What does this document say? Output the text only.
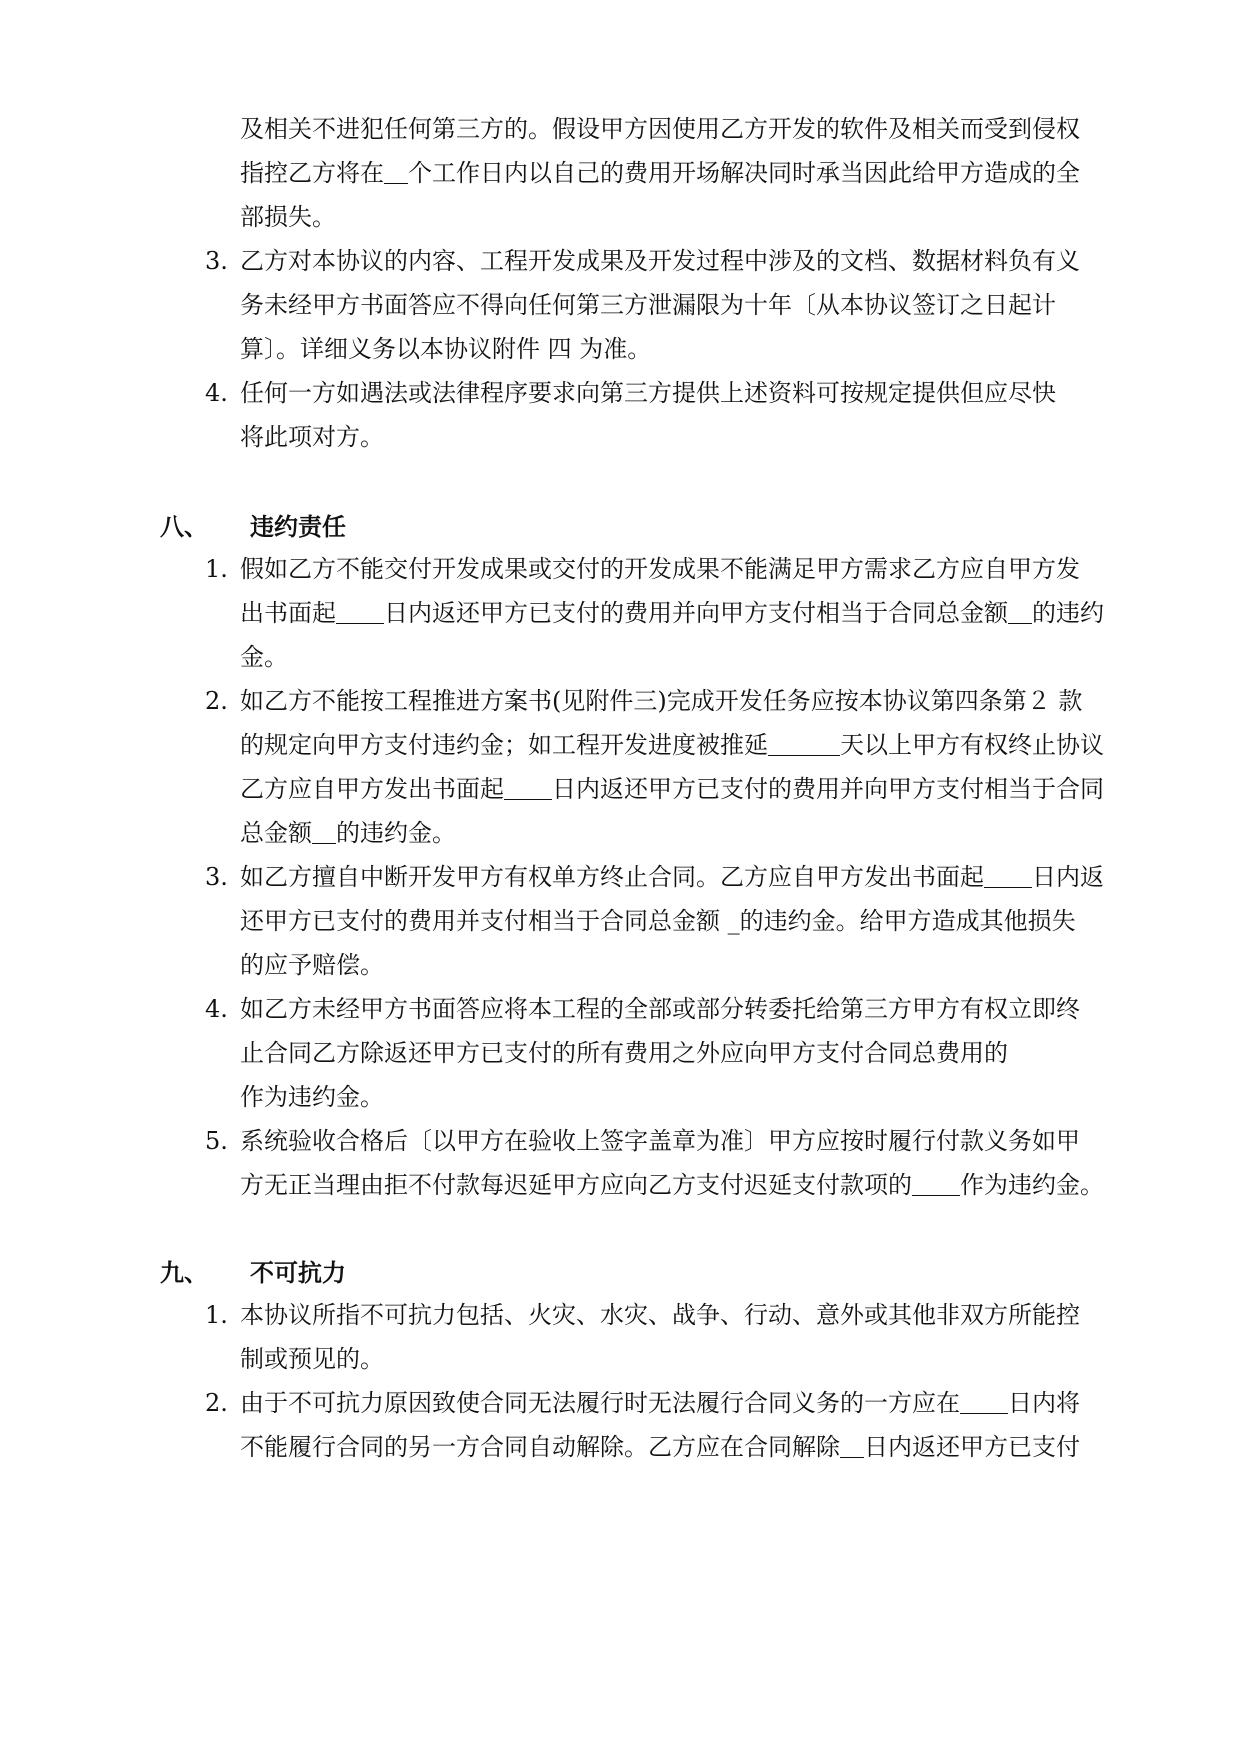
及相关不进犯任何第三方的。假设甲方因使用乙方开发的软件及相关而受到侵权
指控乙方将在＿个工作日内以自己的费用开场解决同时承当因此给甲方造成的全
部损失。
3. 乙方对本协议的内容、工程开发成果及开发过程中涉及的文档、数据材料负有义
务未经甲方书面答应不得向任何第三方泄漏限为十年〔从本协议签订之日起计
算〕。详细义务以本协议附件 四 为准。
4. 任何一方如遇法或法律程序要求向第三方提供上述资料可按规定提供但应尽快
将此项对方。
八、 违约责任
1. 假如乙方不能交付开发成果或交付的开发成果不能满足甲方需求乙方应自甲方发
出书面起＿＿日内返还甲方已支付的费用并向甲方支付相当于合同总金额＿的违约
金。
2. 如乙方不能按工程推进方案书(见附件三)完成开发任务应按本协议第四条第２ 款
的规定向甲方支付违约金；如工程开发进度被推延＿＿＿天以上甲方有权终止协议
乙方应自甲方发出书面起＿＿日内返还甲方已支付的费用并向甲方支付相当于合同
总金额＿的违约金。
3. 如乙方擅自中断开发甲方有权单方终止合同。乙方应自甲方发出书面起＿＿日内返
还甲方已支付的费用并支付相当于合同总金额 _的违约金。给甲方造成其他损失
的应予赔偿。
4. 如乙方未经甲方书面答应将本工程的全部或部分转委托给第三方甲方有权立即终
止合同乙方除返还甲方已支付的所有费用之外应向甲方支付合同总费用的
作为违约金。
5. 系统验收合格后〔以甲方在验收上签字盖章为准〕甲方应按时履行付款义务如甲
方无正当理由拒不付款每迟延甲方应向乙方支付迟延支付款项的＿＿作为违约金。
九、 不可抗力
1. 本协议所指不可抗力包括、火灾、水灾、战争、行动、意外或其他非双方所能控
制或预见的。
2. 由于不可抗力原因致使合同无法履行时无法履行合同义务的一方应在＿＿日内将
不能履行合同的另一方合同自动解除。乙方应在合同解除＿日内返还甲方已支付
